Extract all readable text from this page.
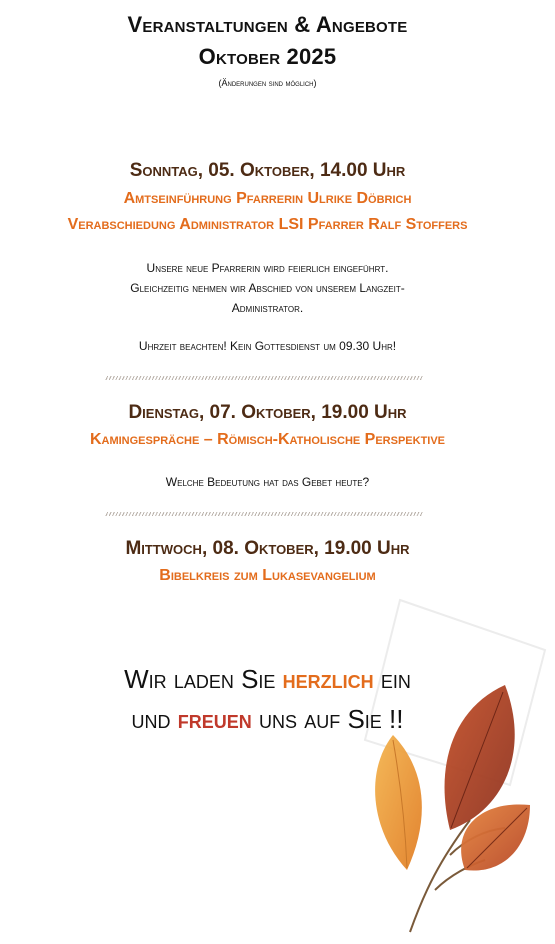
Veranstaltungen & Angebote
Oktober 2025
(Änderungen sind möglich)
Sonntag, 05. Oktober, 14.00 Uhr
Amtseinführung Pfarrerin Ulrike Döbrich
Verabschiedung Administrator LSI Pfarrer Ralf Stoffers
Unsere neue Pfarrerin wird feierlich eingeführt.
Gleichzeitig nehmen wir Abschied von unserem Langzeit-
Administrator.
Uhrzeit beachten! Kein Gottesdienst um 09.30 Uhr!
Dienstag, 07. Oktober, 19.00 Uhr
Kamingespräche – Römisch-Katholische Perspektive
Welche Bedeutung hat das Gebet heute?
Mittwoch, 08. Oktober, 19.00 Uhr
Bibelkreis zum Lukasevangelium
Wir laden Sie herzlich ein
und freuen uns auf Sie !!
